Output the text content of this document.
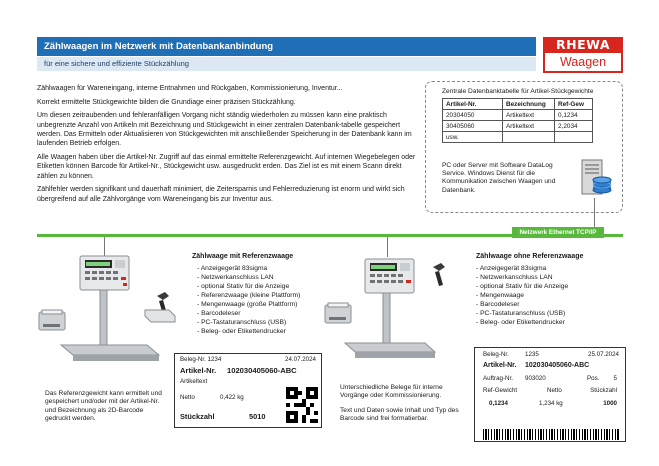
Zählwaagen im Netzwerk mit Datenbankanbindung
für eine sichere und effiziente Stückzählung
RHEWA
Waagen

Zählwaagen für Wareneingang, interne Entnahmen und Rückgaben, Kommissionierung, Inventur...

Korrekt ermittelte Stückgewichte bilden die Grundiage einer präzisen Stückzählung.

Um diesen zeitraubenden und fehleranfälligen Vorgang nicht ständig wiederholen zu müssen kann eine praktisch unbegrenzte Anzahl von Artikeln mit Bezeichnung und Stückgewicht in einer zentralen Datenbank-tabelle gespeichert werden. Das Ermitteln oder Aktualisieren von Stückgewichten mit anschließender Speicherung in der Datenbank kann im laufenden Betrieb erfolgen.

Alle Waagen haben über die Artikel-Nr. Zugriff auf das einmal ermittelte Referenzgewicht. Auf internen Wiegebelegen oder Etiketten können Barcode für Artikel-Nr., Stückgewicht usw. ausgedruckt erden. Das Ziel ist es mit einem Scann direkt zählen zu können.

Zählfehler werden signifikant und dauerhaft minimiert, die Zeitersparnis und Fehlerreduzierung ist enorm und wirkt sich übergreifend auf alle Zählvorgänge vom Wareneingang bis zur Inventur aus.

Zentrale Datenbanktabelle für Artikel-Stückgewichte
Artikel-Nr.	Bezeichnung	Ref-Gew
20304050	Artikeltext	0,1234
30405060	Artikeltext	2,2034
usw.		
PC oder Server mit Software DataLog Service. Windows Dienst für die Kommunikation zwischen Waagen und Datenbank.
Netzwerk Ethernet TCP/IP
Zählwaage mit Referenzwaage
- Anzeigegerät 83sigma
- Netzwerkanschluss LAN
- optional Stativ für die Anzeige
- Referenzwaage (kleine Plattform)
- Mengenwaage (große Plattform)
- Barcodeleser
- PC-Tastaturanschluss (USB)
- Beleg- oder Etikettendrucker
Zählwaage ohne Referenzwaage
- Anzeigegerät 83sigma
- Netzwerkanschluss LAN
- optional Stativ für die Anzeige
- Mengenwaage
- Barcodeleser
- PC-Tastaturanschluss (USB)
- Beleg- oder Etikettendrucker
Das Referenzgewicht kann ermittelt und gespeichert und/oder mit der Artikel-Nr. und Bezeichnung als 2D-Barcode gedruckt werden.
Unterschiedliche Belege für interne Vorgänge oder Kommissionierung.
Text und Daten sowie Inhalt und Typ des Barcode sind frei formatierbar.
Beleg-Nr. 1234	24.07.2024
Artikel-Nr. 102030405060-ABC
Artikeltext
Netto	0,422 kg
Stückzahl	5010
Beleg-Nr.	1235	25.07.2024
Artikel-Nr. 102030405060-ABC
Auftrag-Nr. 903020	Pos. 5
Ref-Gewicht	Netto	Stückzahl
0,1234	1,234 kg	1000
